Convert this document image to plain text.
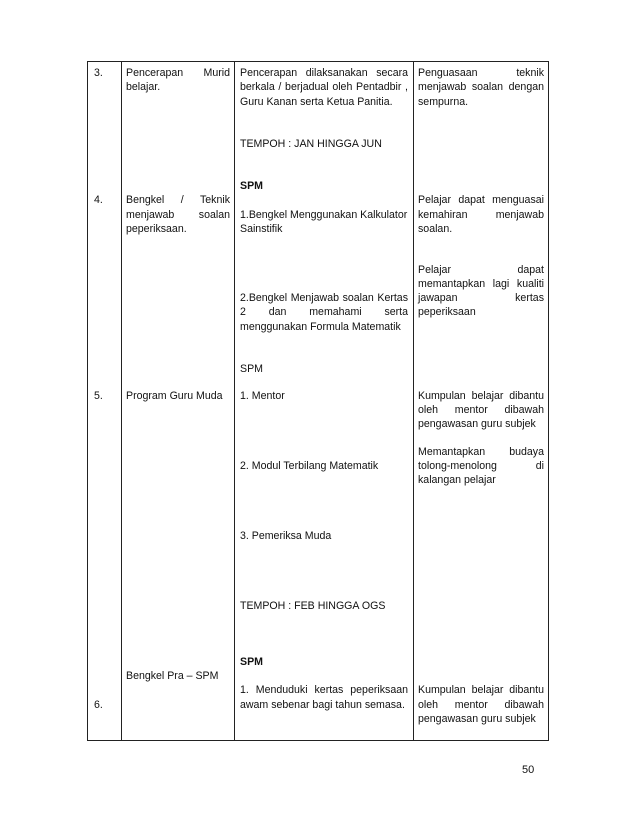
3. Pencerapan Murid
belajar.
Pencerapan dilaksanakan secara
berkala / berjadual oleh Pentadbir ,
Guru Kanan serta Ketua Panitia.
TEMPOH : JAN HINGGA JUN
SPM
Penguasaan teknik
menjawab soalan dengan
sempurna.
4. Bengkel / Teknik
menjawab soalan
peperiksaan.
1.Bengkel Menggunakan Kalkulator
Sainstifik
2.Bengkel Menjawab soalan Kertas
2 dan memahami serta
menggunakan Formula Matematik
SPM
Pelajar dapat menguasai
kemahiran menjawab
soalan.
Pelajar dapat
memantapkan lagi kualiti
jawapan kertas
peperiksaan
5. Program Guru Muda 1. Mentor
2. Modul Terbilang Matematik
3. Pemeriksa Muda
TEMPOH : FEB HINGGA OGS
SPM
Kumpulan belajar dibantu
oleh mentor dibawah
pengawasan guru subjek
Memantapkan budaya
tolong-menolong di
kalangan pelajar
Bengkel Pra – SPM
6.
1. Menduduki kertas peperiksaan
awam sebenar bagi tahun semasa.
Kumpulan belajar dibantu
oleh mentor dibawah
pengawasan guru subjek
50
